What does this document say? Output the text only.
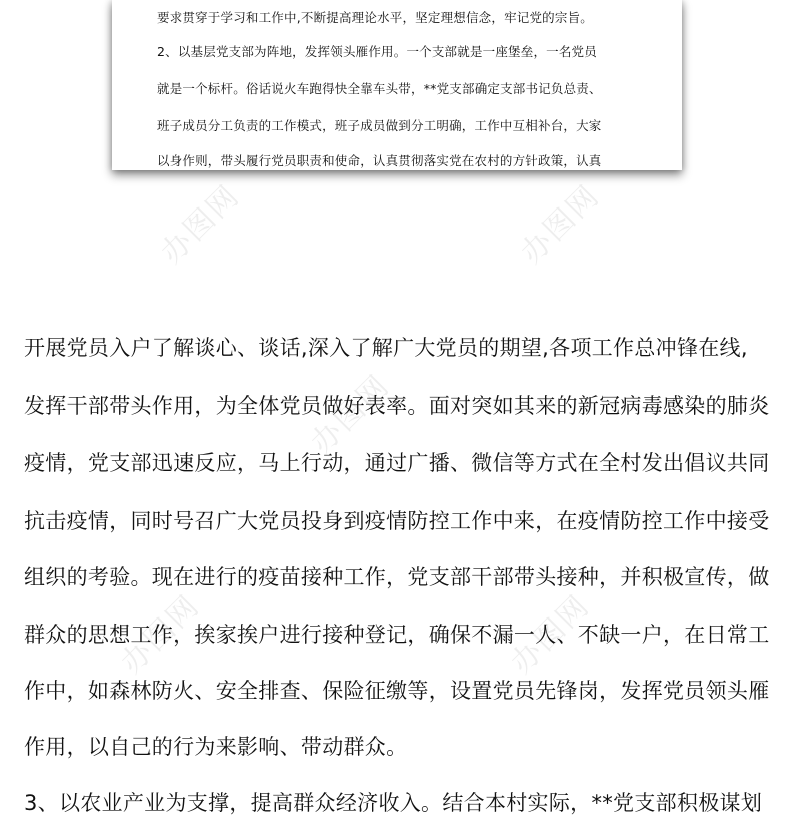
办图网	办图网
办图网
办图网	办图网
要求贯穿于学习和工作中,不断提高理论水平，坚定理想信念，牢记党的宗旨。
2、以基层党支部为阵地，发挥领头雁作用。一个支部就是一座堡垒，一名党员
就是一个标杆。俗话说火车跑得快全靠车头带，**党支部确定支部书记负总责、
班子成员分工负责的工作模式，班子成员做到分工明确，工作中互相补台，大家
以身作则，带头履行党员职责和使命，认真贯彻落实党在农村的方针政策，认真
开展党员入户了解谈心、谈话,深入了解广大党员的期望,各项工作总冲锋在线,
发挥干部带头作用，为全体党员做好表率。面对突如其来的新冠病毒感染的肺炎
疫情，党支部迅速反应，马上行动，通过广播、微信等方式在全村发出倡议共同
抗击疫情，同时号召广大党员投身到疫情防控工作中来，在疫情防控工作中接受
组织的考验。现在进行的疫苗接种工作，党支部干部带头接种，并积极宣传，做
群众的思想工作，挨家挨户进行接种登记，确保不漏一人、不缺一户，在日常工
作中，如森林防火、安全排查、保险征缴等，设置党员先锋岗，发挥党员领头雁
作用，以自己的行为来影响、带动群众。
3、以农业产业为支撑，提高群众经济收入。结合本村实际，**党支部积极谋划
